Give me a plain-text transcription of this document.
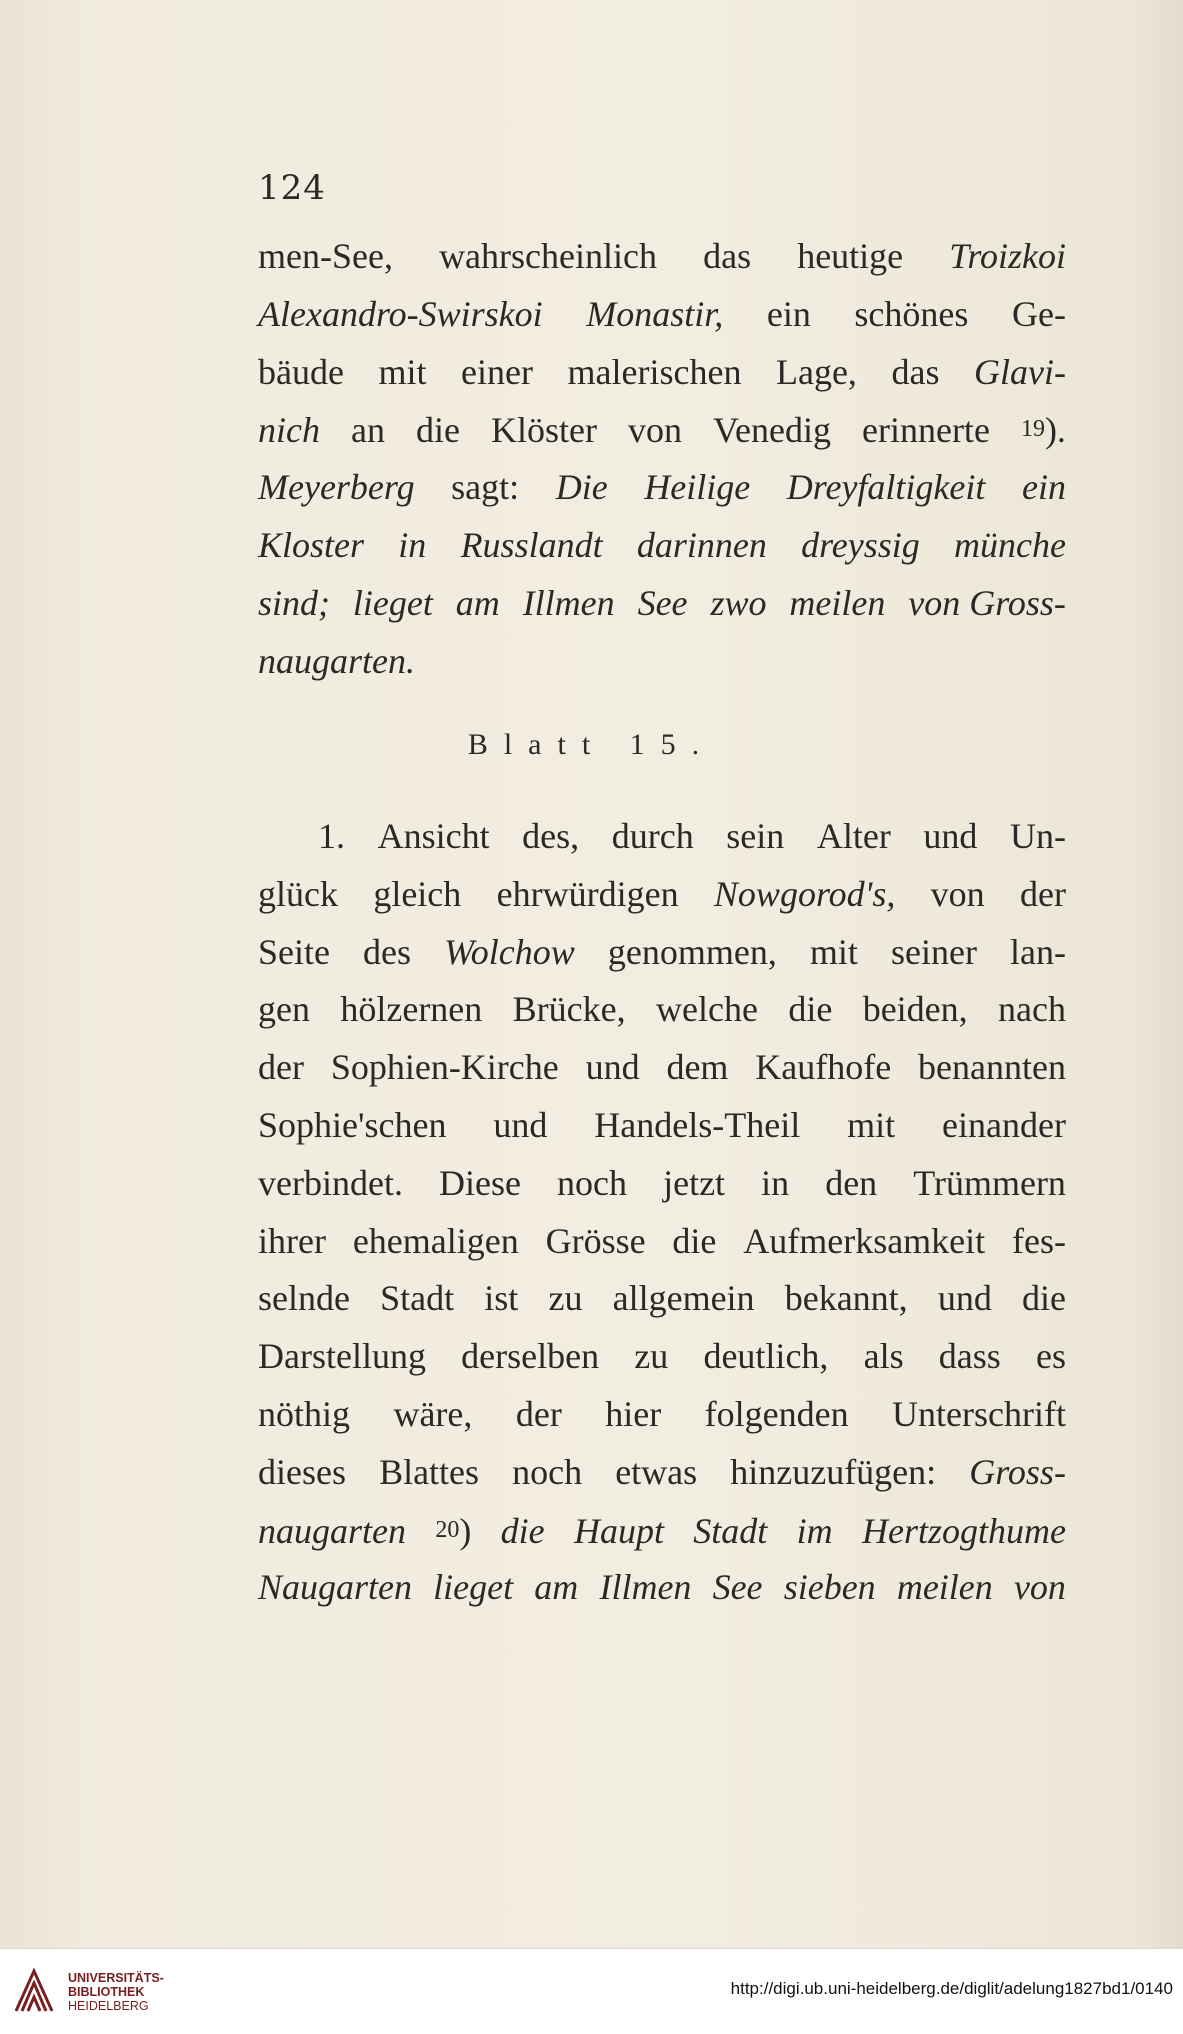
124
men-See, wahrscheinlich das heutige Troizkoi
Alexandro-Swirskoi Monastir, ein schönes Ge-
bäude mit einer malerischen Lage, das Glavi-
nich an die Klöster von Venedig erinnerte $^{19}$).
Meyerberg sagt: Die Heilige Dreyfaltigkeit ein
Kloster in Russlandt darinnen dreyssig münche
sind; lieget am Illmen See zwo meilen von Gross-
naugarten.
Blatt 15.
1. Ansicht des, durch sein Alter und Un-
glück gleich ehrwürdigen Nowgorod's, von der
Seite des Wolchow genommen, mit seiner lan-
gen hölzernen Brücke, welche die beiden, nach
der Sophien-Kirche und dem Kaufhofe benannten
Sophie'schen und Handels-Theil mit einander
verbindet. Diese noch jetzt in den Trümmern
ihrer ehemaligen Grösse die Aufmerksamkeit fes-
selnde Stadt ist zu allgemein bekannt, und die
Darstellung derselben zu deutlich, als dass es
nöthig wäre, der hier folgenden Unterschrift
dieses Blattes noch etwas hinzuzufügen: Gross-
naugarten $^{20}$) die Haupt Stadt im Hertzogthume
Naugarten lieget am Illmen See sieben meilen von
UNIVERSITÄTS-
BIBLIOTHEK
HEIDELBERG
http://digi.ub.uni-heidelberg.de/diglit/adelung1827bd1/0140
